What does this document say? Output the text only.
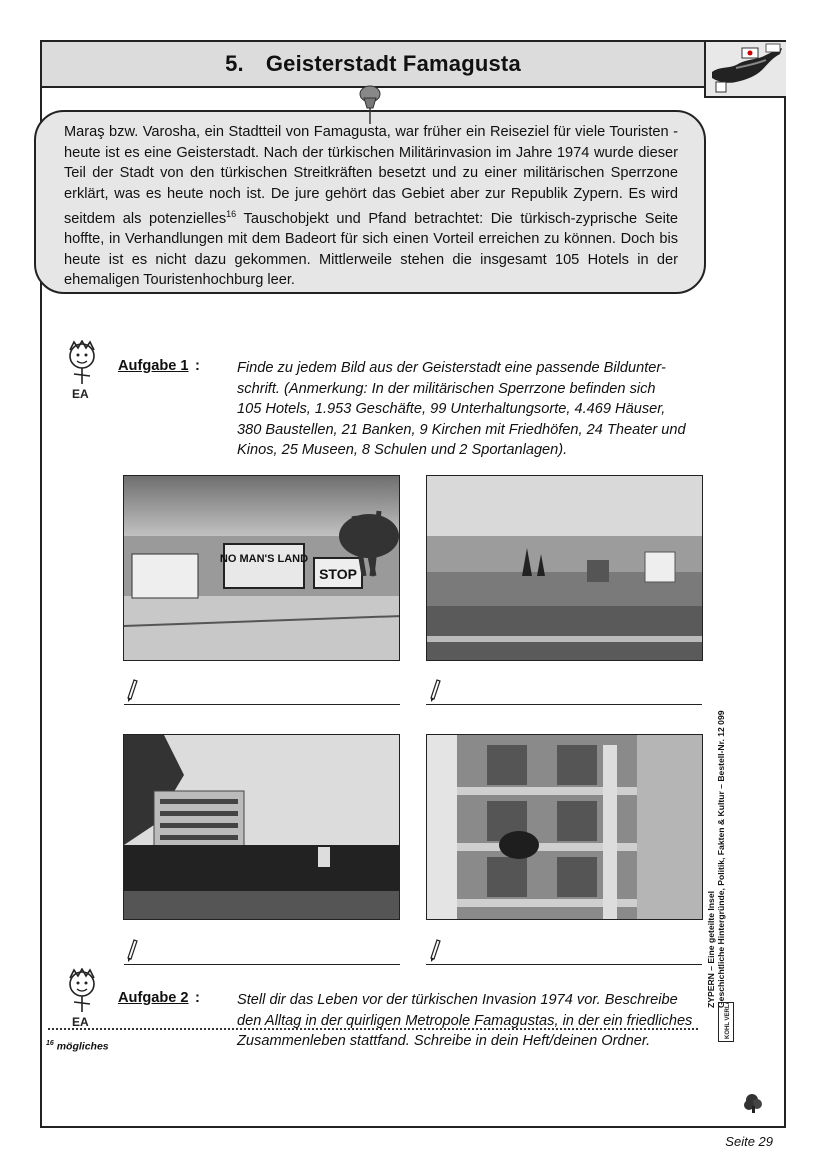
5. Geisterstadt Famagusta
Maraş bzw. Varosha, ein Stadtteil von Famagusta, war früher ein Reiseziel für viele Touristen - heute ist es eine Geisterstadt. Nach der türkischen Militärinvasion im Jahre 1974 wurde dieser Teil der Stadt von den türkischen Streitkräften besetzt und zu einer militärischen Sperrzone erklärt, was es heute noch ist. De jure gehört das Gebiet aber zur Republik Zypern. Es wird seitdem als potenzielles$^{16}$ Tauschobjekt und Pfand betrachtet: Die türkisch-zyprische Seite hoffte, in Verhandlungen mit dem Badeort für sich einen Vorteil erreichen zu können. Doch bis heute ist es nicht dazu gekommen. Mittlerweile stehen die insgesamt 105 Hotels in der ehemaligen Touristenhochburg leer.
EA
Aufgabe 1 :	Finde zu jedem Bild aus der Geisterstadt eine passende Bildunter-
schrift. (Anmerkung: In der militärischen Sperrzone befinden sich
105 Hotels, 1.953 Geschäfte, 99 Unterhaltungsorte, 4.469 Häuser,
380 Baustellen, 21 Banken, 9 Kirchen mit Friedhöfen, 24 Theater und
Kinos, 25 Museen, 8 Schulen und 2 Sportanlagen).
NO MAN'S LAND
STOP
EA
Aufgabe 2 :	Stell dir das Leben vor der türkischen Invasion 1974 vor. Beschreibe
den Alltag in der quirligen Metropole Famagustas, in der ein friedliches
Zusammenleben stattfand. Schreibe in dein Heft/deinen Ordner.
$^{16}$ mögliches
ZYPERN – Eine geteilte Insel Geschichtliche Hintergründe, Politik, Fakten & Kultur – Bestell-Nr. 12 099
KOHL VERLAG
Seite 29
